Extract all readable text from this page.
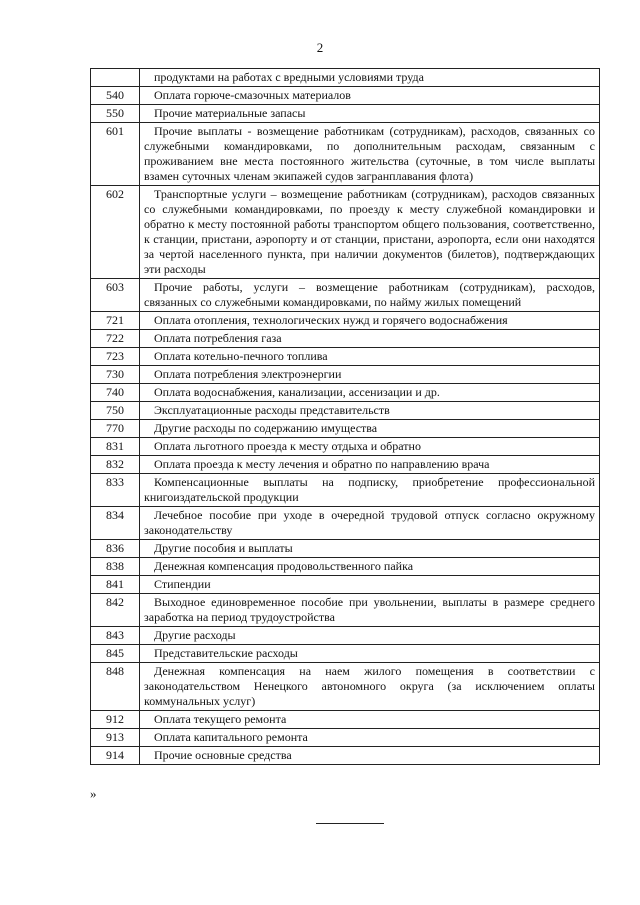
2
	продуктами на работах с вредными условиями труда
540	Оплата горюче-смазочных материалов
550	Прочие материальные запасы
601	Прочие выплаты - возмещение работникам (сотрудникам), расходов, связанных со служебными командировками, по дополнительным расходам, связанным с проживанием вне места постоянного жительства (суточные, в том числе выплаты взамен суточных членам экипажей судов загранплавания флота)
602	Транспортные услуги – возмещение работникам (сотрудникам), расходов связанных со служебными командировками, по проезду к месту служебной командировки и обратно к месту постоянной работы транспортом общего пользования, соответственно, к станции, пристани, аэропорту и от станции, пристани, аэропорта, если они находятся за чертой населенного пункта, при наличии документов (билетов), подтверждающих эти расходы
603	Прочие работы, услуги – возмещение работникам (сотрудникам), расходов, связанных со служебными командировками, по найму жилых помещений
721	Оплата отопления, технологических нужд и горячего водоснабжения
722	Оплата потребления газа
723	Оплата котельно-печного топлива
730	Оплата потребления электроэнергии
740	Оплата водоснабжения, канализации, ассенизации и др.
750	Эксплуатационные расходы представительств
770	Другие расходы по содержанию имущества
831	Оплата льготного проезда к месту отдыха и обратно
832	Оплата проезда к месту лечения и обратно по направлению врача
833	Компенсационные выплаты на подписку, приобретение профессиональной книгоиздательской продукции
834	Лечебное пособие при уходе в очередной трудовой отпуск согласно окружному законодательству
836	Другие пособия и выплаты
838	Денежная компенсация продовольственного пайка
841	Стипендии
842	Выходное единовременное пособие при увольнении, выплаты в размере среднего заработка на период трудоустройства
843	Другие расходы
845	Представительские расходы
848	Денежная компенсация на наем жилого помещения в соответствии с законодательством Ненецкого автономного округа (за исключением оплаты коммунальных услуг)
912	Оплата текущего ремонта
913	Оплата капитального ремонта
914	Прочие основные средства
»
